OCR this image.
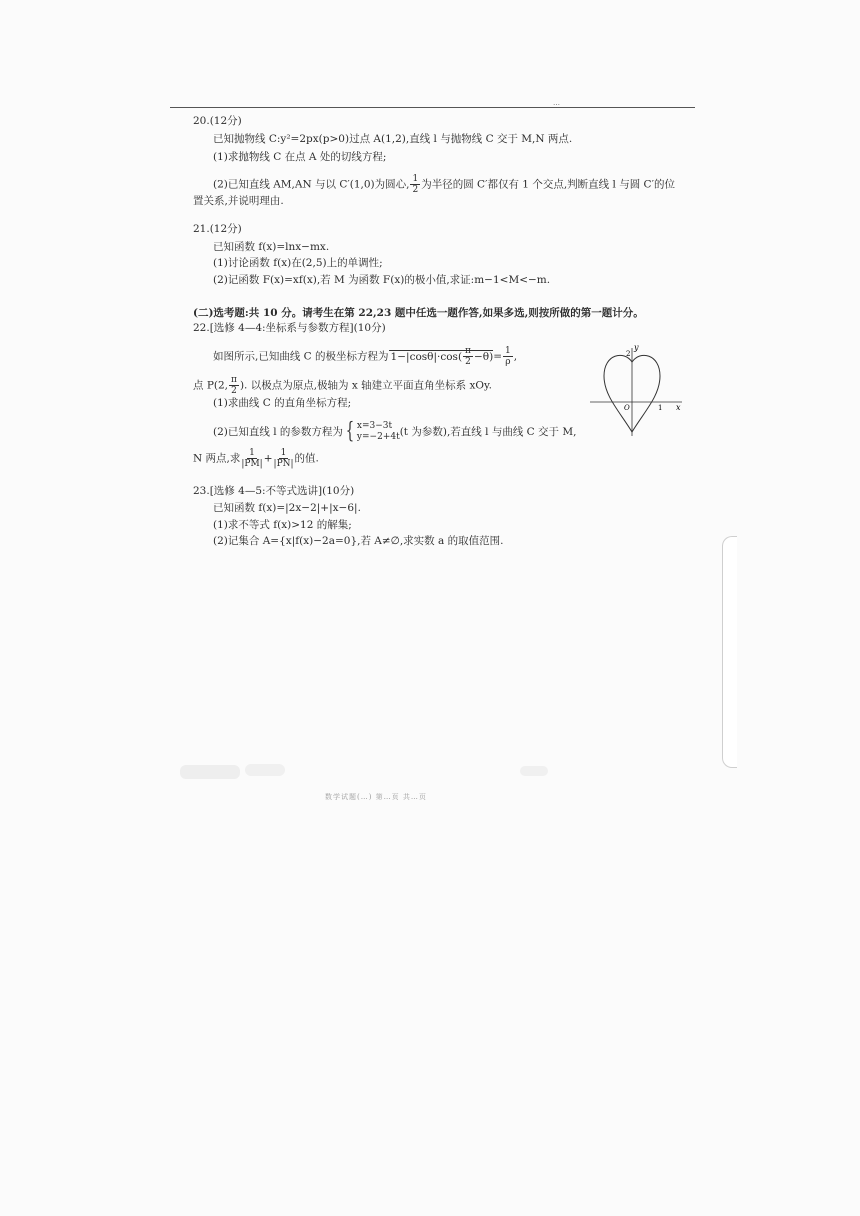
…
20.(12分)
已知抛物线 C:y²=2px(p>0)过点 A(1,2),直线 l 与抛物线 C 交于 M,N 两点.
(1)求抛物线 C 在点 A 处的切线方程;
(2)已知直线 AM,AN 与以 C′(1,0)为圆心, $\frac{1}{2}$ 为半径的圆 C′都仅有 1 个交点,判断直线 l 与圆 C′的位
置关系,并说明理由.
21.(12分)
已知函数 f(x)=lnx−mx.
(1)讨论函数 f(x)在(2,5)上的单调性;
(2)记函数 F(x)=xf(x),若 M 为函数 F(x)的极小值,求证:m−1<M<−m.
(二)选考题:共 10 分。请考生在第 22,23 题中任选一题作答,如果多选,则按所做的第一题计分。
22.[选修 4—4:坐标系与参数方程](10分)
如图所示,已知曲线 C 的极坐标方程为 $1-|\cos\theta|\cdot\cos( \frac{\pi}{2} -\theta)= \frac{1}{\rho}$ ,
点 P(2, $\frac{\pi}{2}$ ). 以极点为原点,极轴为 x 轴建立平面直角坐标系 xOy.
(1)求曲线 C 的直角坐标方程;
(2)已知直线 l 的参数方程为 { x=3−3t
y=−2+4t (t 为参数),若直线 l 与曲线 C 交于 M,
N 两点,求 $\frac{1}{|PM|} + \frac{1}{|PN|}$ 的值.
y
x
O
2
1
23.[选修 4—5:不等式选讲](10分)
已知函数 f(x)=|2x−2|+|x−6|.
(1)求不等式 f(x)>12 的解集;
(2)记集合 A={x|f(x)−2a=0},若 A≠∅,求实数 a 的取值范围.
数学试题(…) 第…页 共…页
